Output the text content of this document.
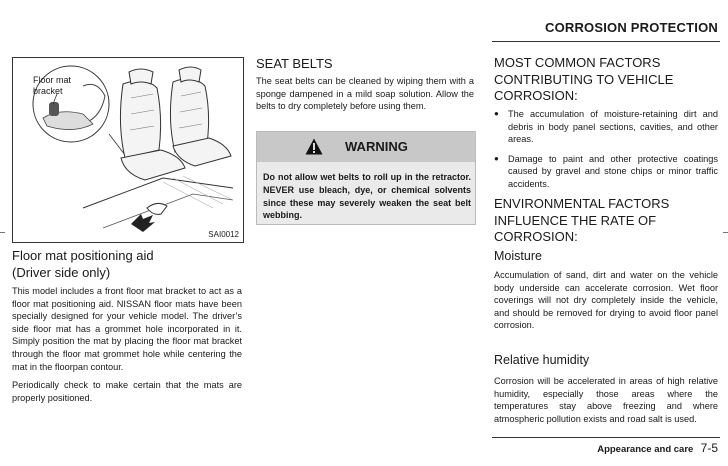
CORROSION PROTECTION
Floor mat
bracket
SAI0012
Floor mat positioning aid
(Driver side only)

This model includes a front floor mat bracket to act as a floor mat positioning aid. NISSAN floor mats have been specially designed for your vehicle model. The driver’s side floor mat has a grommet hole incorporated in it. Simply position the mat by placing the floor mat bracket through the floor mat grommet hole while centering the mat in the floorpan contour.

Periodically check to make certain that the mats are properly positioned.

SEAT BELTS
The seat belts can be cleaned by wiping them with a sponge dampened in a mild soap solution. Allow the belts to dry completely before using them.
WARNING
Do not allow wet belts to roll up in the retractor. NEVER use bleach, dye, or chemical solvents since these may severely weaken the seat belt webbing.
MOST COMMON FACTORS CONTRIBUTING TO VEHICLE CORROSION:
● The accumulation of moisture-retaining dirt and debris in body panel sections, cavities, and other areas.
● Damage to paint and other protective coatings caused by gravel and stone chips or minor traffic accidents.
ENVIRONMENTAL FACTORS INFLUENCE THE RATE OF CORROSION:
Moisture
Accumulation of sand, dirt and water on the vehicle body underside can accelerate corrosion. Wet floor coverings will not dry completely inside the vehicle, and should be removed for drying to avoid floor panel corrosion.
Relative humidity
Corrosion will be accelerated in areas of high relative humidity, especially those areas where the temperatures stay above freezing and where atmospheric pollution exists and road salt is used.
Appearance and care 7-5
